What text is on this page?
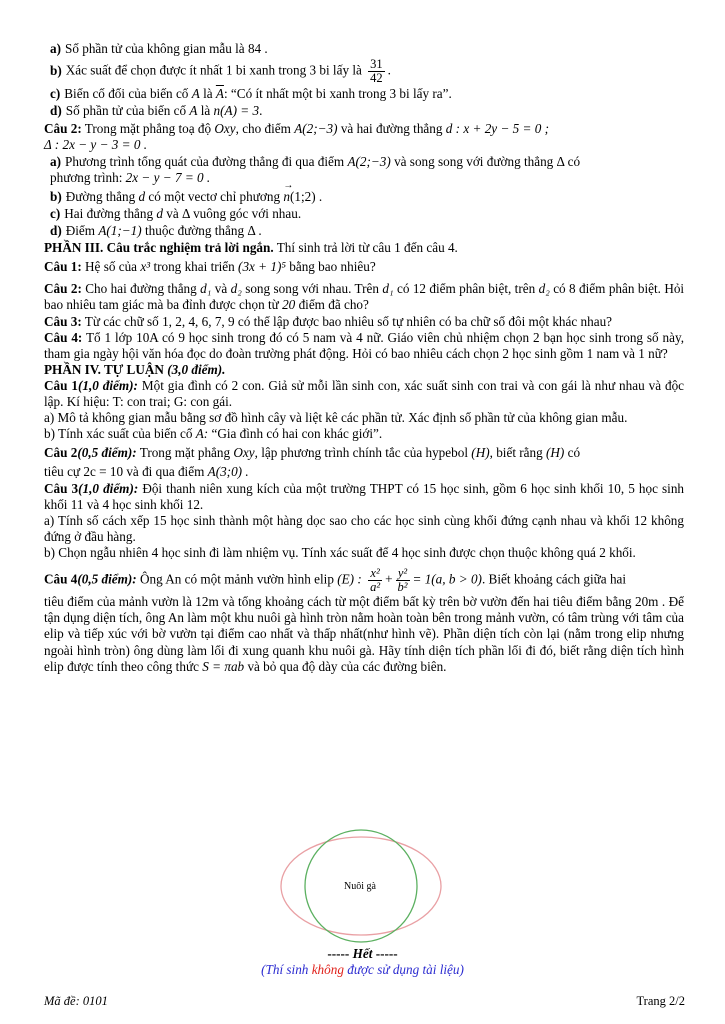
a) Số phần tử của không gian mẫu là 84 .
b) Xác suất để chọn được ít nhất 1 bi xanh trong 3 bi lấy là $\frac{31}{42}$ .
c) Biến cố đối của biến cố A là $\overline{A}$: “Có ít nhất một bi xanh trong 3 bi lấy ra”.
d) Số phần tử của biến cố A là n(A) = 3.
Câu 2: Trong mặt phẳng toạ độ Oxy, cho điểm A(2;−3) và hai đường thẳng d : x + 2y − 5 = 0 ;
Δ : 2x − y − 3 = 0 .
a) Phương trình tổng quát của đường thẳng đi qua điểm A(2;−3) và song song với đường thẳng Δ có
phương trình: 2x − y − 7 = 0 .
b) Đường thẳng d có một vectơ chỉ phương
→
n(1;2) .
c) Hai đường thẳng d và Δ vuông góc với nhau.
d) Điểm A(1;−1) thuộc đường thẳng Δ .
PHẦN III. Câu trắc nghiệm trả lời ngắn. Thí sinh trả lời từ câu 1 đến câu 4.
Câu 1: Hệ số của x³ trong khai triển (3x + 1)⁵ bằng bao nhiêu?
Câu 2: Cho hai đường thẳng d₁ và d₂ song song với nhau. Trên d₁ có 12 điểm phân biệt, trên d₂ có 8 điểm phân biệt. Hỏi bao nhiêu tam giác mà ba đỉnh được chọn từ 20 điểm đã cho?
Câu 3: Từ các chữ số 1, 2, 4, 6, 7, 9 có thể lập được bao nhiêu số tự nhiên có ba chữ số đôi một khác nhau?
Câu 4: Tổ 1 lớp 10A có 9 học sinh trong đó có 5 nam và 4 nữ. Giáo viên chủ nhiệm chọn 2 bạn học sinh trong số này, tham gia ngày hội văn hóa đọc do đoàn trường phát động. Hỏi có bao nhiêu cách chọn 2 học sinh gồm 1 nam và 1 nữ?
PHẦN IV. TỰ LUẬN (3,0 điểm).
Câu 1(1,0 điểm): Một gia đình có 2 con. Giả sử mỗi lần sinh con, xác suất sinh con trai và con gái là như nhau và độc lập. Kí hiệu: T: con trai; G: con gái.
a) Mô tả không gian mẫu bằng sơ đồ hình cây và liệt kê các phần tử. Xác định số phần tử của không gian mẫu.
b) Tính xác suất của biến cố A: “Gia đình có hai con khác giới”.
Câu 2(0,5 điểm): Trong mặt phẳng Oxy, lập phương trình chính tắc của hypebol (H), biết rằng (H) có
tiêu cự 2c = 10 và đi qua điểm A(3;0) .
Câu 3(1,0 điểm): Đội thanh niên xung kích của một trường THPT có 15 học sinh, gồm 6 học sinh khối 10, 5 học sinh khối 11 và 4 học sinh khối 12.
a) Tính số cách xếp 15 học sinh thành một hàng dọc sao cho các học sinh cùng khối đứng cạnh nhau và khối 12 không đứng ở đầu hàng.
b) Chọn ngẫu nhiên 4 học sinh đi làm nhiệm vụ. Tính xác suất để 4 học sinh được chọn thuộc không quá 2 khối.
Câu 4(0,5 điểm): Ông An có một mảnh vườn hình elip (E) : $\frac{\text{x²}}{\text{a²}} + \frac{\text{y²}}{\text{b²}} = 1(a$, b > 0). Biết khoảng cách giữa hai
tiêu điểm của mảnh vườn là 12m và tổng khoảng cách từ một điểm bất kỳ trên bờ vườn đến hai tiêu điểm bằng 20m . Để tận dụng diện tích, ông An làm một khu nuôi gà hình tròn nằm hoàn toàn bên trong mảnh vườn, có tâm trùng với tâm của elip và tiếp xúc với bờ vườn tại điểm cao nhất và thấp nhất(như hình vẽ). Phần diện tích còn lại (nằm trong elip nhưng ngoài hình tròn) ông dùng làm lối đi xung quanh khu nuôi gà. Hãy tính diện tích phần lối đi đó, biết rằng diện tích hình elip được tính theo công thức S = πab và bỏ qua độ dày của các đường biên.
Nuôi gà
----- Hết -----
(Thí sinh không được sử dụng tài liệu)
Mã đề: 0101	Trang 2/2
